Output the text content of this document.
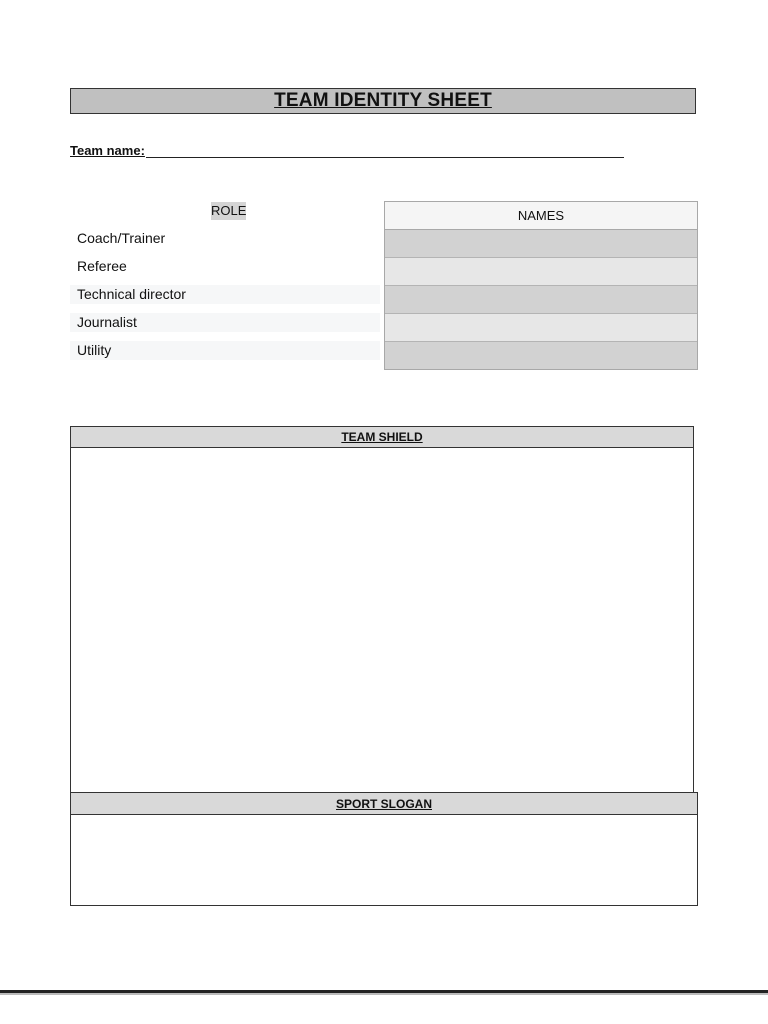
TEAM IDENTITY SHEET
Team name:
ROLE
Coach/Trainer
Referee
Technical director
Journalist
Utility
NAMES
TEAM SHIELD
SPORT SLOGAN
